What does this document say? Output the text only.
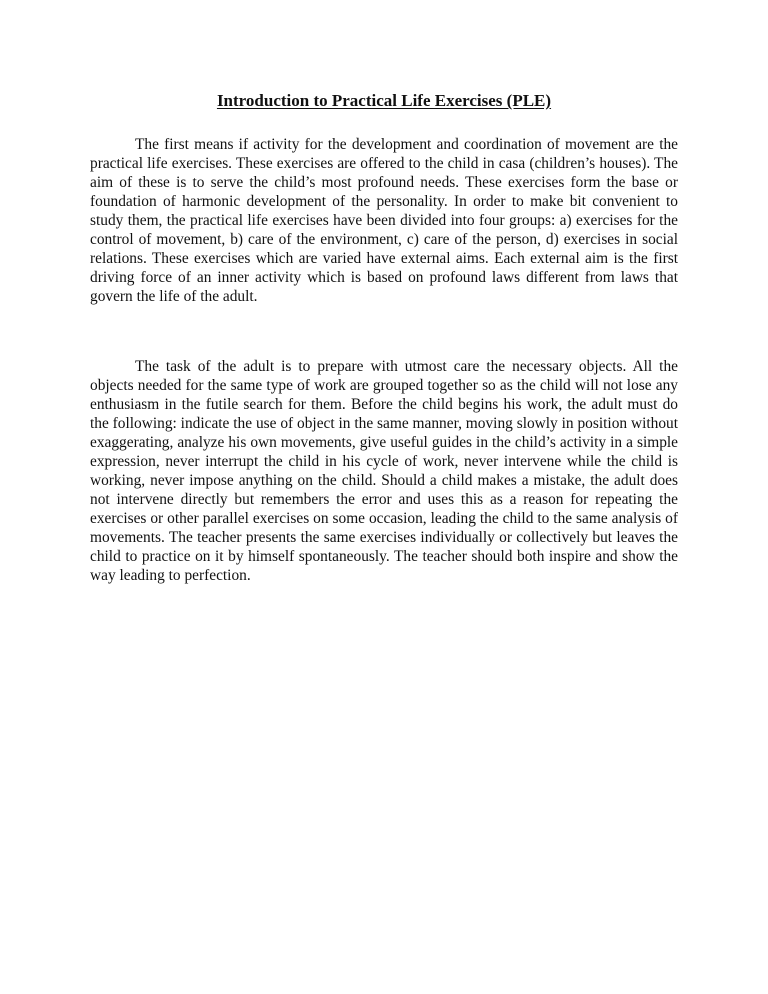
Introduction to Practical Life Exercises (PLE)

The first means if activity for the development and coordination of movement are the practical life exercises. These exercises are offered to the child in casa (children’s houses). The aim of these is to serve the child’s most profound needs. These exercises form the base or foundation of harmonic development of the personality. In order to make bit convenient to study them, the practical life exercises have been divided into four groups: a) exercises for the control of movement, b) care of the environment, c) care of the person, d) exercises in social relations. These exercises which are varied have external aims. Each external aim is the first driving force of an inner activity which is based on profound laws different from laws that govern the life of the adult.

The task of the adult is to prepare with utmost care the necessary objects. All the objects needed for the same type of work are grouped together so as the child will not lose any enthusiasm in the futile search for them. Before the child begins his work, the adult must do the following: indicate the use of object in the same manner, moving slowly in position without exaggerating, analyze his own movements, give useful guides in the child’s activity in a simple expression, never interrupt the child in his cycle of work, never intervene while the child is working, never impose anything on the child. Should a child makes a mistake, the adult does not intervene directly but remembers the error and uses this as a reason for repeating the exercises or other parallel exercises on some occasion, leading the child to the same analysis of movements. The teacher presents the same exercises individually or collectively but leaves the child to practice on it by himself spontaneously. The teacher should both inspire and show the way leading to perfection.
